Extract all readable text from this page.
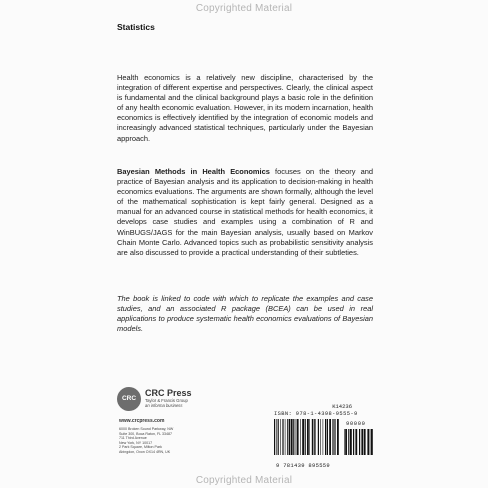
Copyrighted Material
Statistics
Health economics is a relatively new discipline, characterised by the integration of different expertise and perspectives. Clearly, the clinical aspect is fundamental and the clinical background plays a basic role in the definition of any health economic evaluation. However, in its modern incarnation, health economics is effectively identified by the integration of economic models and increasingly advanced statistical techniques, particularly under the Bayesian approach.
Bayesian Methods in Health Economics focuses on the theory and practice of Bayesian analysis and its application to decision-making in health economics evaluations. The arguments are shown formally, although the level of the mathematical sophistication is kept fairly general. Designed as a manual for an advanced course in statistical methods for health economics, it develops case studies and examples using a combination of R and WinBUGS/JAGS for the main Bayesian analysis, usually based on Markov Chain Monte Carlo. Advanced topics such as probabilistic sensitivity analysis are also discussed to provide a practical understanding of their subtleties.
The book is linked to code with which to replicate the examples and case studies, and an associated R package (BCEA) can be used in real applications to produce systematic health economics evaluations of Bayesian models.
CRC
CRC Press
Taylor & Francis Group
an informa business
www.crcpress.com
6000 Broken Sound Parkway, NW
Suite 300, Boca Raton, FL 33487
711 Third Avenue
New York, NY 10017
2 Park Square, Milton Park
Abingdon, Oxon OX14 4RN, UK
K14236
ISBN: 978-1-4398-9555-9
90000
9 781439 895559
Copyrighted Material
